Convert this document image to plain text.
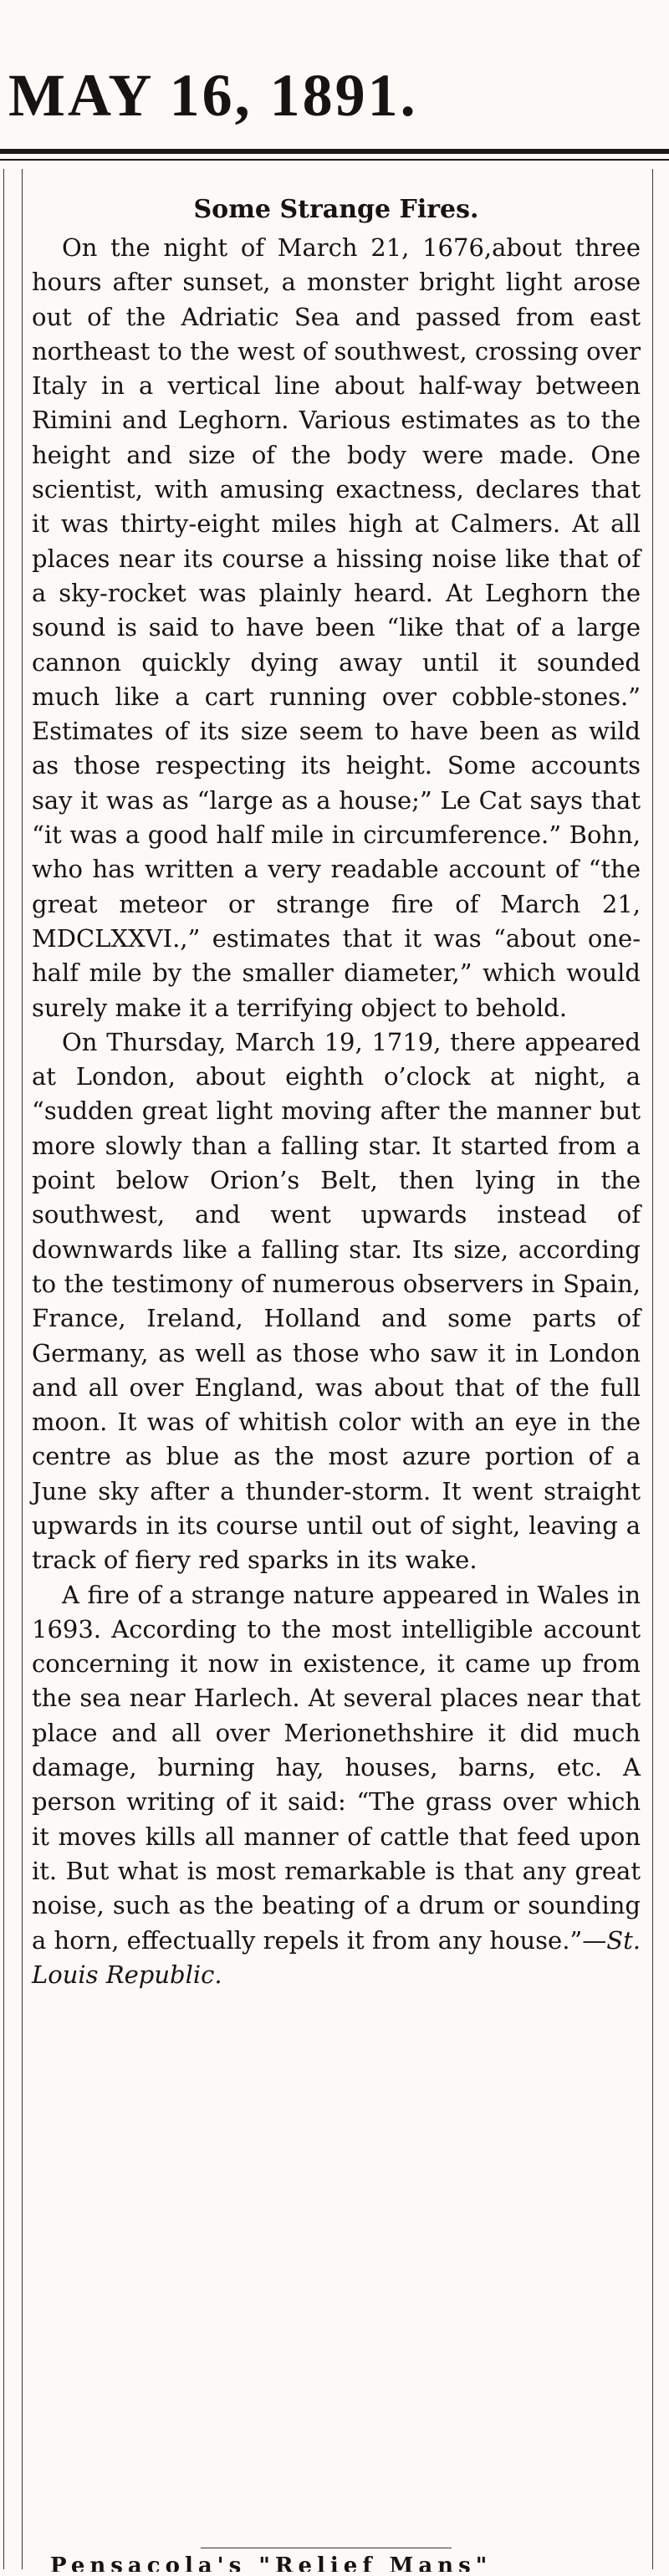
MAY 16, 1891.
Some Strange Fires.

On the night of March 21, 1676,about three hours after sunset, a monster bright light arose out of the Adriatic Sea and passed from east northeast to the west of southwest, crossing over Italy in a vertical line about half-way between Rimini and Leghorn. Various estimates as to the height and size of the body were made. One scientist, with amusing exactness, declares that it was thirty-eight miles high at Calmers. At all places near its course a hissing noise like that of a sky-rocket was plainly heard. At Leghorn the sound is said to have been “like that of a large cannon quickly dying away until it sounded much like a cart running over cobble-stones.” Estimates of its size seem to have been as wild as those respecting its height. Some accounts say it was as “large as a house;” Le Cat says that “it was a good half mile in circumference.” Bohn, who has written a very readable account of “the great meteor or strange fire of March 21, MDCLXXVI.,” estimates that it was “about one-half mile by the smaller diameter,” which would surely make it a terrifying object to behold.

On Thursday, March 19, 1719, there appeared at London, about eighth o’clock at night, a “sudden great light moving after the manner but more slowly than a falling star. It started from a point below Orion’s Belt, then lying in the southwest, and went upwards instead of downwards like a falling star. Its size, according to the testimony of numerous observers in Spain, France, Ireland, Holland and some parts of Germany, as well as those who saw it in London and all over England, was about that of the full moon. It was of whitish color with an eye in the centre as blue as the most azure portion of a June sky after a thunder-storm. It went straight upwards in its course until out of sight, leaving a track of fiery red sparks in its wake.

A fire of a strange nature appeared in Wales in 1693. According to the most intelligible account concerning it now in existence, it came up from the sea near Harlech. At several places near that place and all over Merionethshire it did much damage, burning hay, houses, barns, etc. A person writing of it said: “The grass over which it moves kills all manner of cattle that feed upon it. But what is most remarkable is that any great noise, such as the beating of a drum or sounding a horn, effectually repels it from any house.”—St. Louis Republic.

Pensacola's "Relief Mans"
